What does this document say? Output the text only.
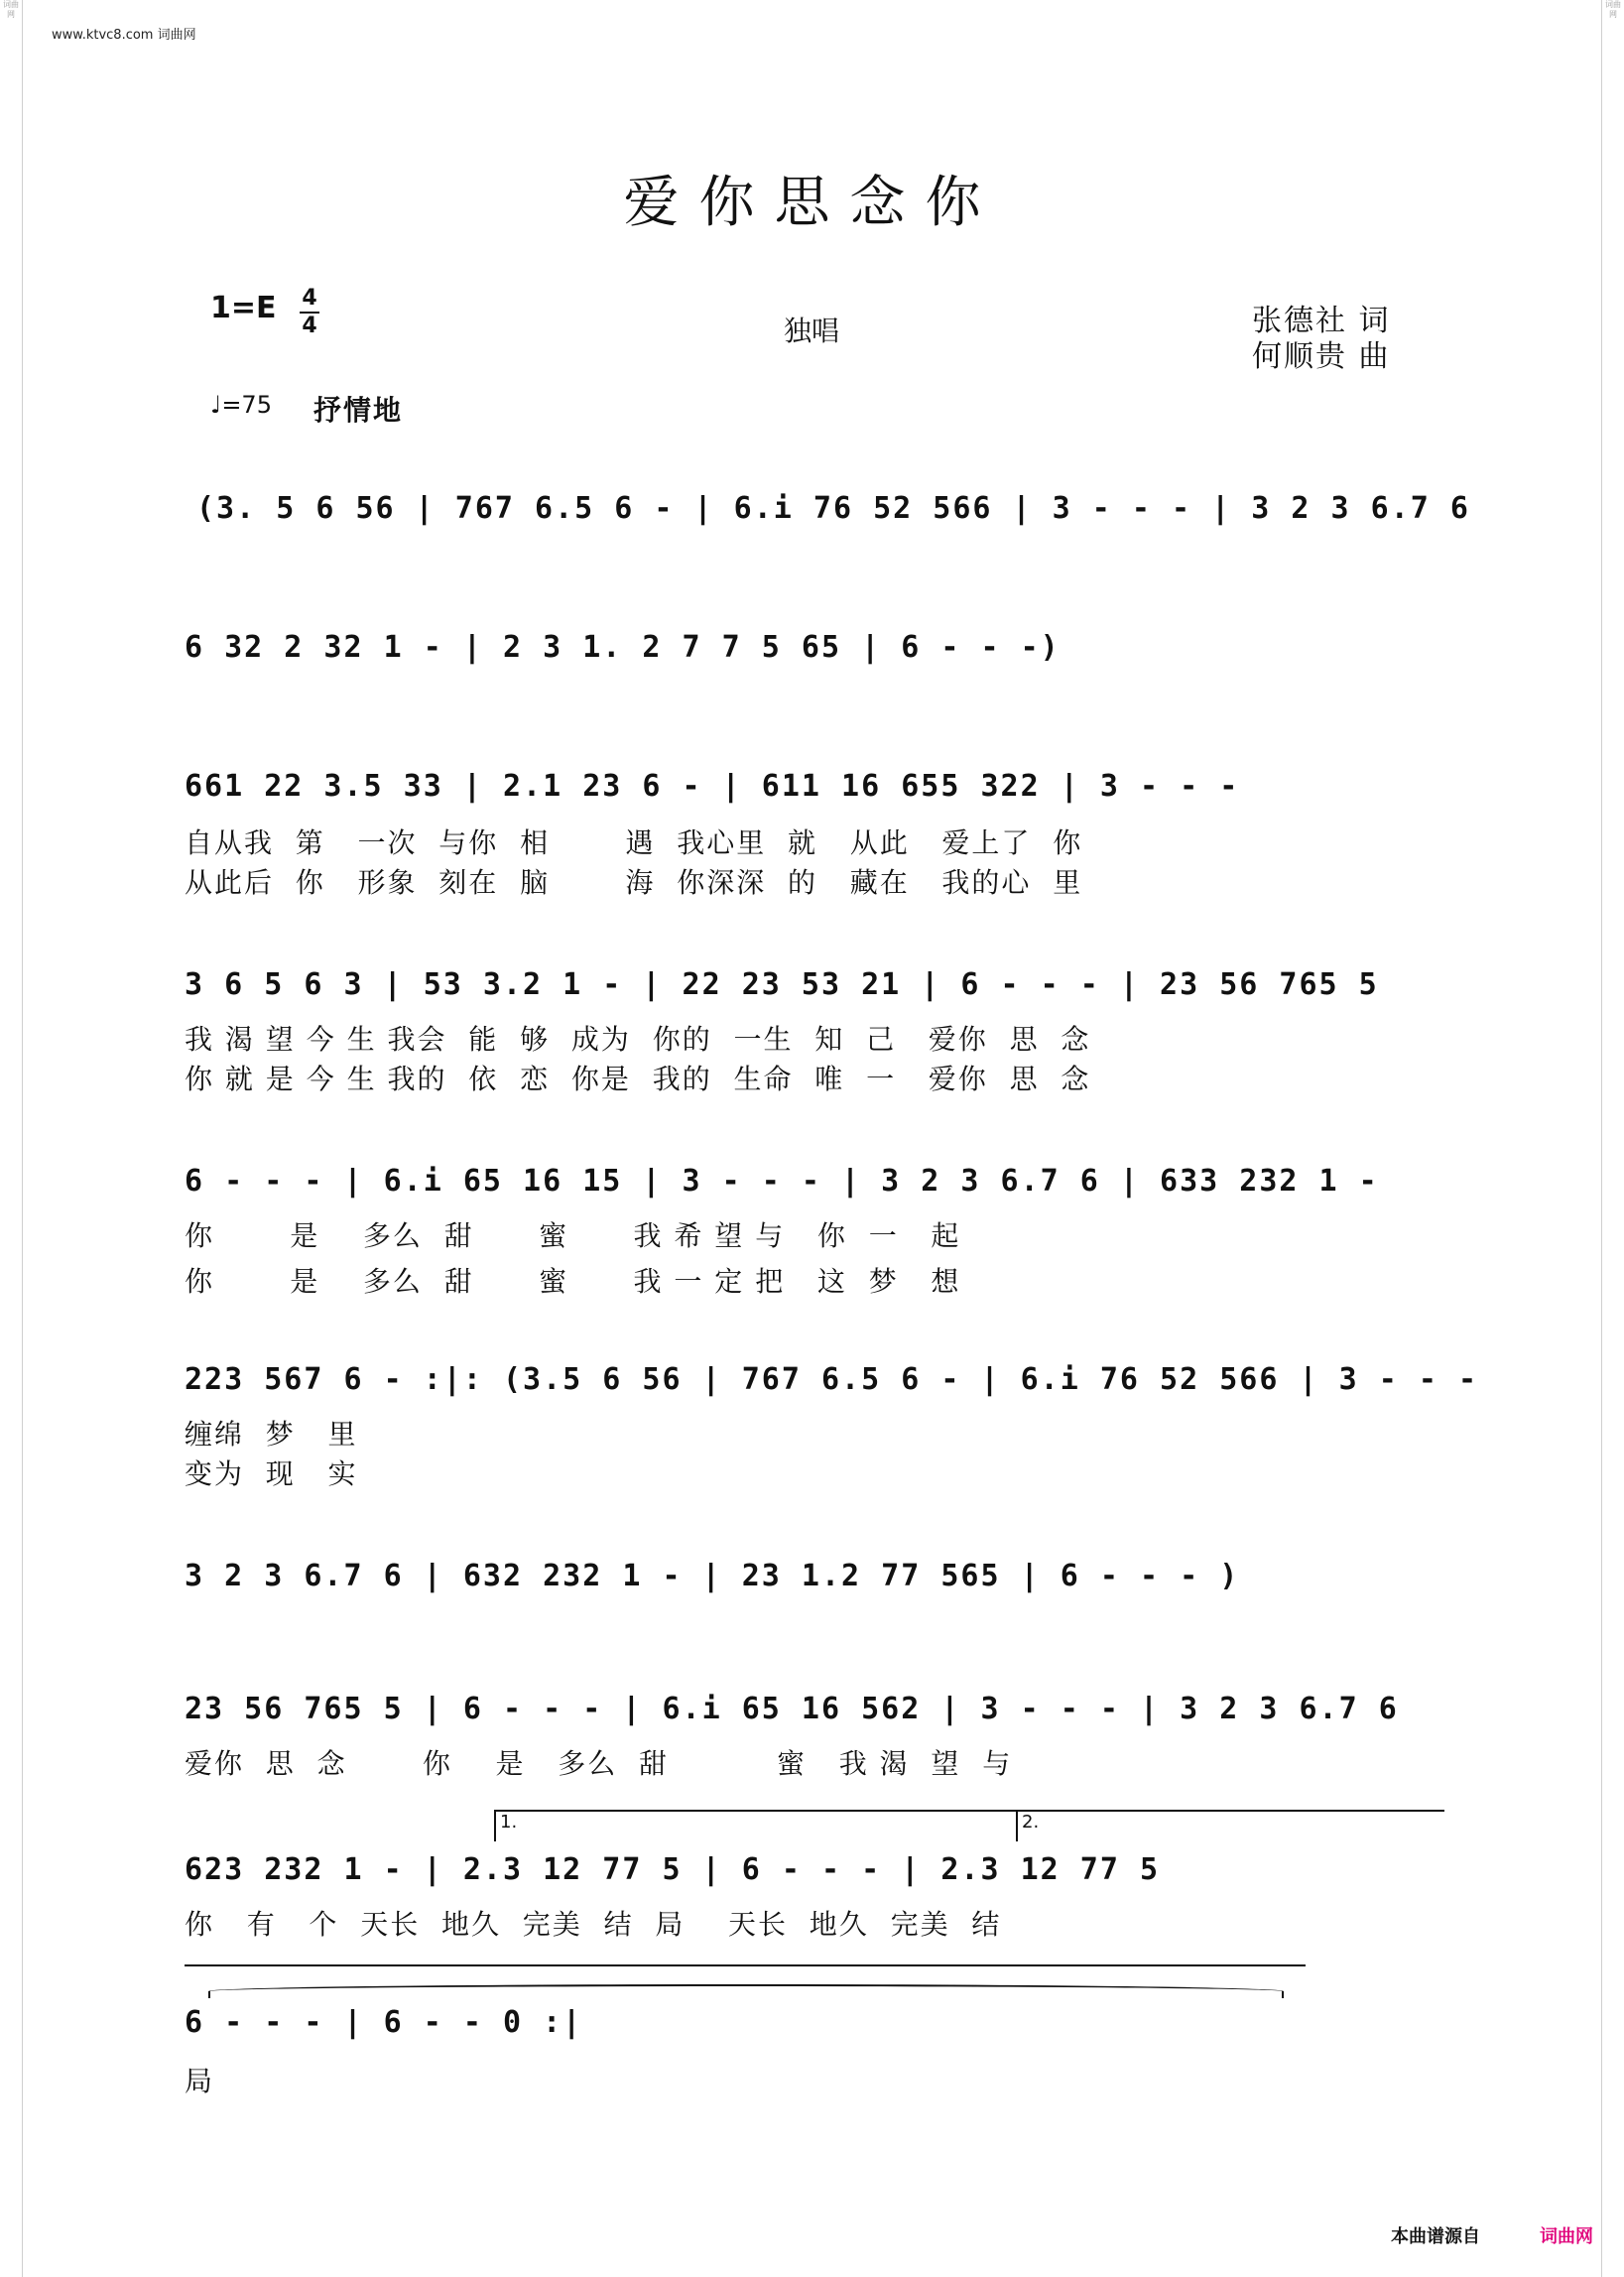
词曲网
词曲网
www.ktvc8.com 词曲网
爱你思念你
1=E 4
4	独唱	张德社 词
何顺贵 曲
♩=75 抒情地
(3. 5 6 56 | 767 6.5 6 - | 6.i 76 52 566 | 3 - - - | 3 2 3 6.7 6
6 32 2 32 1 - | 2 3 1. 2 7 7 5 65 | 6 - - -)
661 22 3.5 33 | 2.1 23 6 - | 611 16 655 322 | 3 - - -
自从我  第   一次  与你  相       遇  我心里  就   从此   爱上了  你
从此后  你   形象  刻在  脑       海  你深深  的   藏在   我的心  里
3 6 5 6 3 | 53 3.2 1 - | 22 23 53 21 | 6 - - - | 23 56 765 5
我 渴 望 今 生 我会  能  够  成为  你的  一生  知  己   爱你  思  念
你 就 是 今 生 我的  依  恋  你是  我的  生命  唯  一   爱你  思  念
6 - - - | 6.i 65 16 15 | 3 - - - | 3 2 3 6.7 6 | 633 232 1 -
你       是    多么  甜      蜜      我 希 望 与   你  一   起
你       是    多么  甜      蜜      我 一 定 把   这  梦   想
223 567 6 - :|: (3.5 6 56 | 767 6.5 6 - | 6.i 76 52 566 | 3 - - -
缠绵  梦   里
变为  现   实
3 2 3 6.7 6 | 632 232 1 - | 23 1.2 77 565 | 6 - - - )
23 56 765 5 | 6 - - - | 6.i 65 16 562 | 3 - - - | 3 2 3 6.7 6
爱你  思  念       你    是   多么  甜          蜜   我 渴  望  与
1.	2.
623 232 1 - | 2.3 12 77 5 | 6 - - - | 2.3 12 77 5
你   有   个  天长  地久  完美  结  局    天长  地久  完美  结
6 - - - | 6 - - 0 :|
局
本曲谱源自	词曲网
